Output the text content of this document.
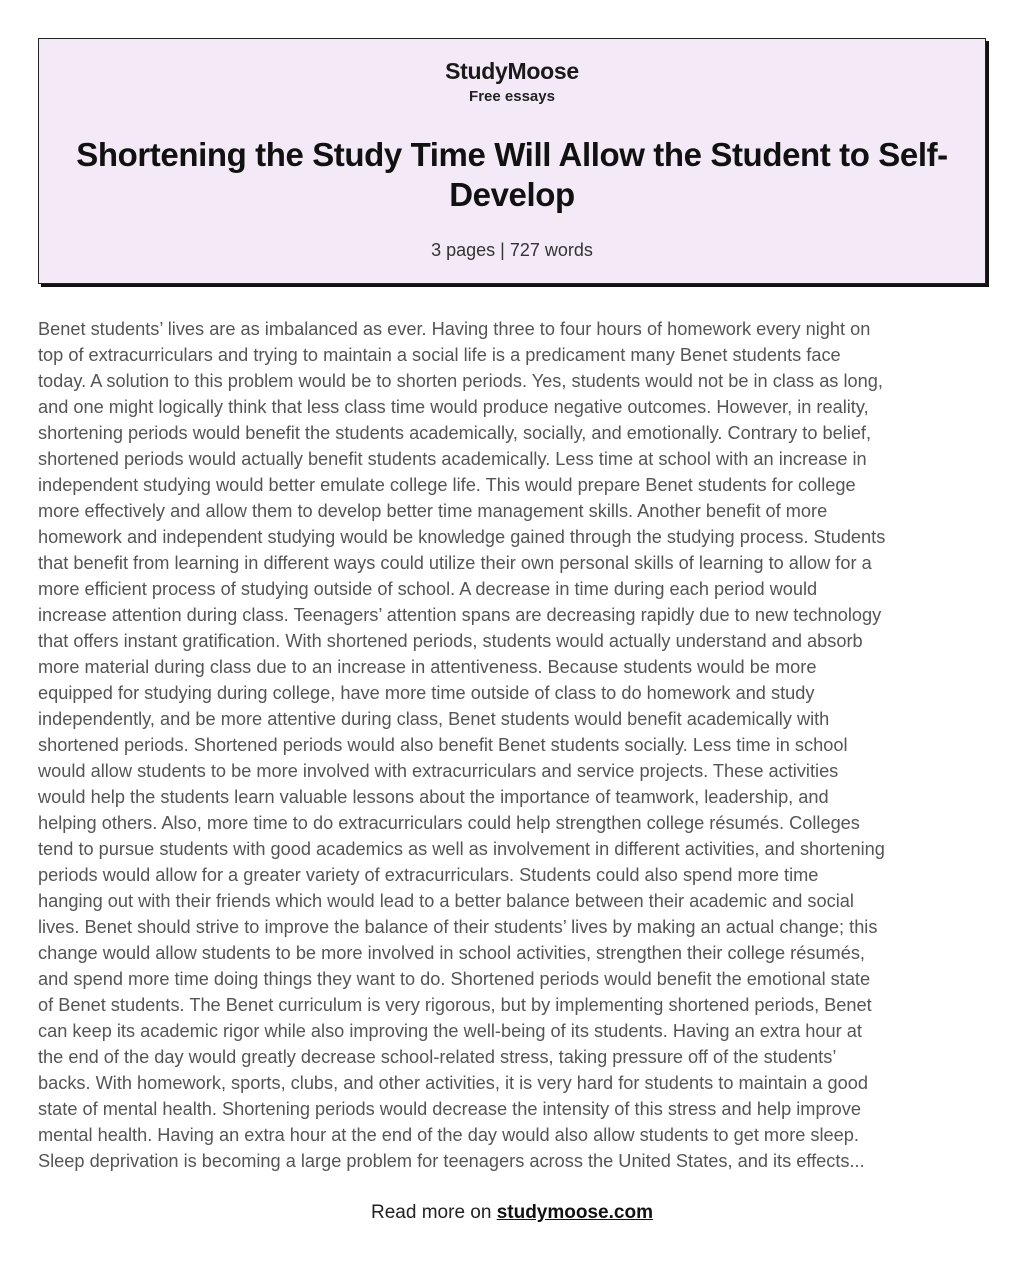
StudyMoose
Free essays
Shortening the Study Time Will Allow the Student to Self-Develop
3 pages | 727 words
Benet students’ lives are as imbalanced as ever. Having three to four hours of homework every night on
top of extracurriculars and trying to maintain a social life is a predicament many Benet students face
today. A solution to this problem would be to shorten periods. Yes, students would not be in class as long,
and one might logically think that less class time would produce negative outcomes. However, in reality,
shortening periods would benefit the students academically, socially, and emotionally. Contrary to belief,
shortened periods would actually benefit students academically. Less time at school with an increase in
independent studying would better emulate college life. This would prepare Benet students for college
more effectively and allow them to develop better time management skills. Another benefit of more
homework and independent studying would be knowledge gained through the studying process. Students
that benefit from learning in different ways could utilize their own personal skills of learning to allow for a
more efficient process of studying outside of school. A decrease in time during each period would
increase attention during class. Teenagers’ attention spans are decreasing rapidly due to new technology
that offers instant gratification. With shortened periods, students would actually understand and absorb
more material during class due to an increase in attentiveness. Because students would be more
equipped for studying during college, have more time outside of class to do homework and study
independently, and be more attentive during class, Benet students would benefit academically with
shortened periods. Shortened periods would also benefit Benet students socially. Less time in school
would allow students to be more involved with extracurriculars and service projects. These activities
would help the students learn valuable lessons about the importance of teamwork, leadership, and
helping others. Also, more time to do extracurriculars could help strengthen college résumés. Colleges
tend to pursue students with good academics as well as involvement in different activities, and shortening
periods would allow for a greater variety of extracurriculars. Students could also spend more time
hanging out with their friends which would lead to a better balance between their academic and social
lives. Benet should strive to improve the balance of their students’ lives by making an actual change; this
change would allow students to be more involved in school activities, strengthen their college résumés,
and spend more time doing things they want to do. Shortened periods would benefit the emotional state
of Benet students. The Benet curriculum is very rigorous, but by implementing shortened periods, Benet
can keep its academic rigor while also improving the well-being of its students. Having an extra hour at
the end of the day would greatly decrease school-related stress, taking pressure off of the students’
backs. With homework, sports, clubs, and other activities, it is very hard for students to maintain a good
state of mental health. Shortening periods would decrease the intensity of this stress and help improve
mental health. Having an extra hour at the end of the day would also allow students to get more sleep.
Sleep deprivation is becoming a large problem for teenagers across the United States, and its effects...
Read more on studymoose.com
